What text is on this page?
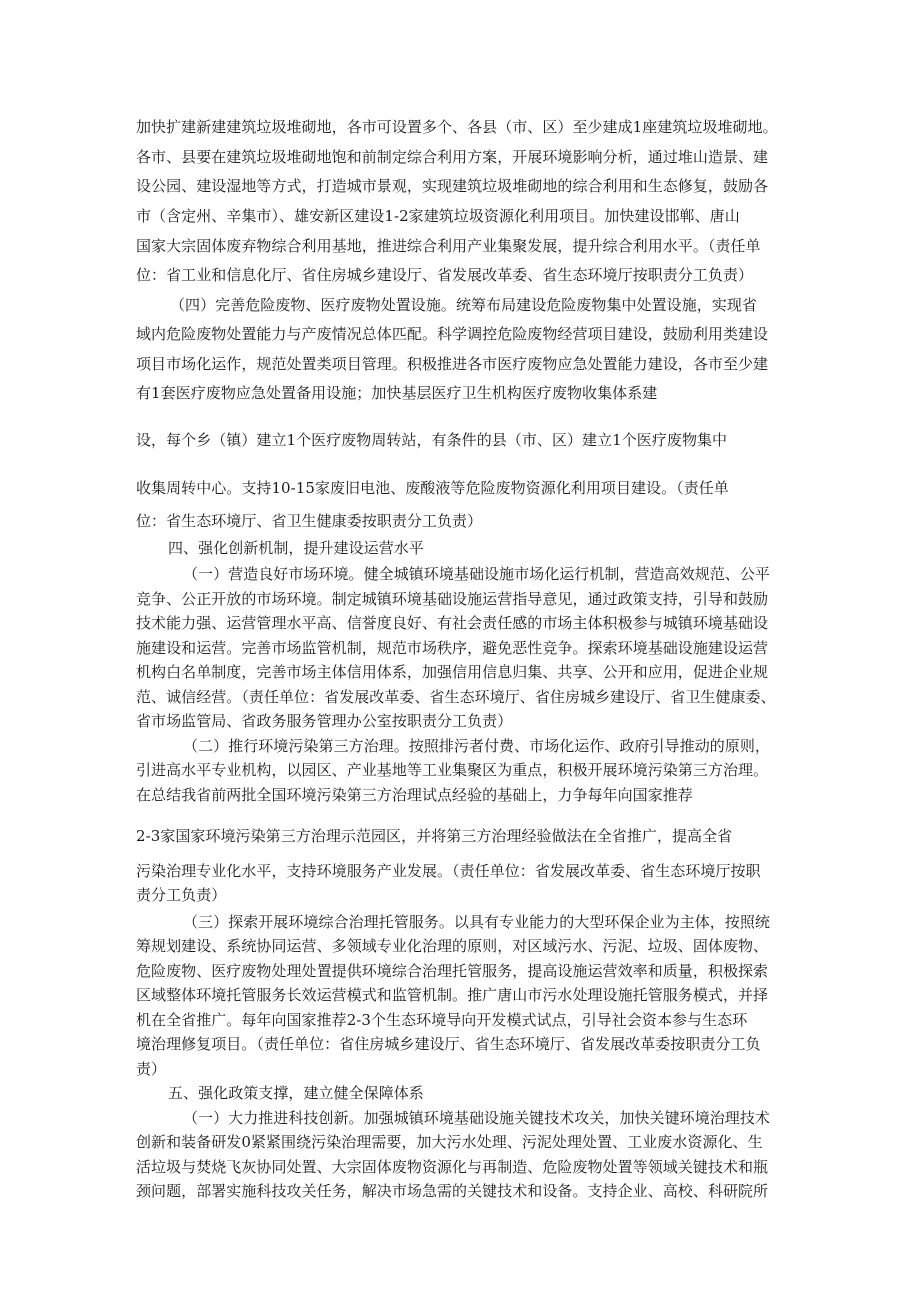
加快扩建新建建筑垃圾堆砌地，各市可设置多个、各县（市、区）至少建成1座建筑垃圾堆砌地。
各市、县要在建筑垃圾堆砌地饱和前制定综合利用方案，开展环境影响分析，通过堆山造景、建
设公园、建设湿地等方式，打造城市景观，实现建筑垃圾堆砌地的综合利用和生态修复，鼓励各
市（含定州、辛集市）、雄安新区建设1-2家建筑垃圾资源化利用项目。加快建设邯郸、唐山
国家大宗固体废弃物综合利用基地，推进综合利用产业集聚发展，提升综合利用水平。（责任单
位：省工业和信息化厅、省住房城乡建设厅、省发展改革委、省生态环境厅按职责分工负责）
（四）完善危险废物、医疗废物处置设施。统筹布局建设危险废物集中处置设施，实现省
域内危险废物处置能力与产废情况总体匹配。科学调控危险废物经营项目建设，鼓励利用类建设
项目市场化运作，规范处置类项目管理。积极推进各市医疗废物应急处置能力建设，各市至少建
有1套医疗废物应急处置备用设施；加快基层医疗卫生机构医疗废物收集体系建
设，每个乡（镇）建立1个医疗废物周转站，有条件的县（市、区）建立1个医疗废物集中
收集周转中心。支持10-15家废旧电池、废酸液等危险废物资源化利用项目建设。（责任单
位：省生态环境厅、省卫生健康委按职责分工负责）
四、强化创新机制，提升建设运营水平
（一）营造良好市场环境。健全城镇环境基础设施市场化运行机制，营造高效规范、公平
竞争、公正开放的市场环境。制定城镇环境基础设施运营指导意见，通过政策支持，引导和鼓励
技术能力强、运营管理水平高、信誉度良好、有社会责任感的市场主体积极参与城镇环境基础设
施建设和运营。完善市场监管机制，规范市场秩序，避免恶性竞争。探索环境基础设施建设运营
机构白名单制度，完善市场主体信用体系，加强信用信息归集、共享、公开和应用，促进企业规
范、诚信经营。（责任单位：省发展改革委、省生态环境厅、省住房城乡建设厅、省卫生健康委、
省市场监管局、省政务服务管理办公室按职责分工负责）
（二）推行环境污染第三方治理。按照排污者付费、市场化运作、政府引导推动的原则，
引进高水平专业机构，以园区、产业基地等工业集聚区为重点，积极开展环境污染第三方治理。
在总结我省前两批全国环境污染第三方治理试点经验的基础上，力争每年向国家推荐
2-3家国家环境污染第三方治理示范园区，并将第三方治理经验做法在全省推广，提高全省
污染治理专业化水平，支持环境服务产业发展。（责任单位：省发展改革委、省生态环境厅按职
责分工负责）
（三）探索开展环境综合治理托管服务。以具有专业能力的大型环保企业为主体，按照统
筹规划建设、系统协同运营、多领域专业化治理的原则，对区域污水、污泥、垃圾、固体废物、
危险废物、医疗废物处理处置提供环境综合治理托管服务，提高设施运营效率和质量，积极探索
区域整体环境托管服务长效运营模式和监管机制。推广唐山市污水处理设施托管服务模式，并择
机在全省推广。每年向国家推荐2-3个生态环境导向开发模式试点，引导社会资本参与生态环
境治理修复项目。（责任单位：省住房城乡建设厅、省生态环境厅、省发展改革委按职责分工负
责）
五、强化政策支撑，建立健全保障体系
（一）大力推进科技创新。加强城镇环境基础设施关键技术攻关，加快关键环境治理技术
创新和装备研发0紧紧围绕污染治理需要，加大污水处理、污泥处理处置、工业废水资源化、生
活垃圾与焚烧飞灰协同处置、大宗固体废物资源化与再制造、危险废物处置等领域关键技术和瓶
颈问题，部署实施科技攻关任务，解决市场急需的关键技术和设备。支持企业、高校、科研院所
